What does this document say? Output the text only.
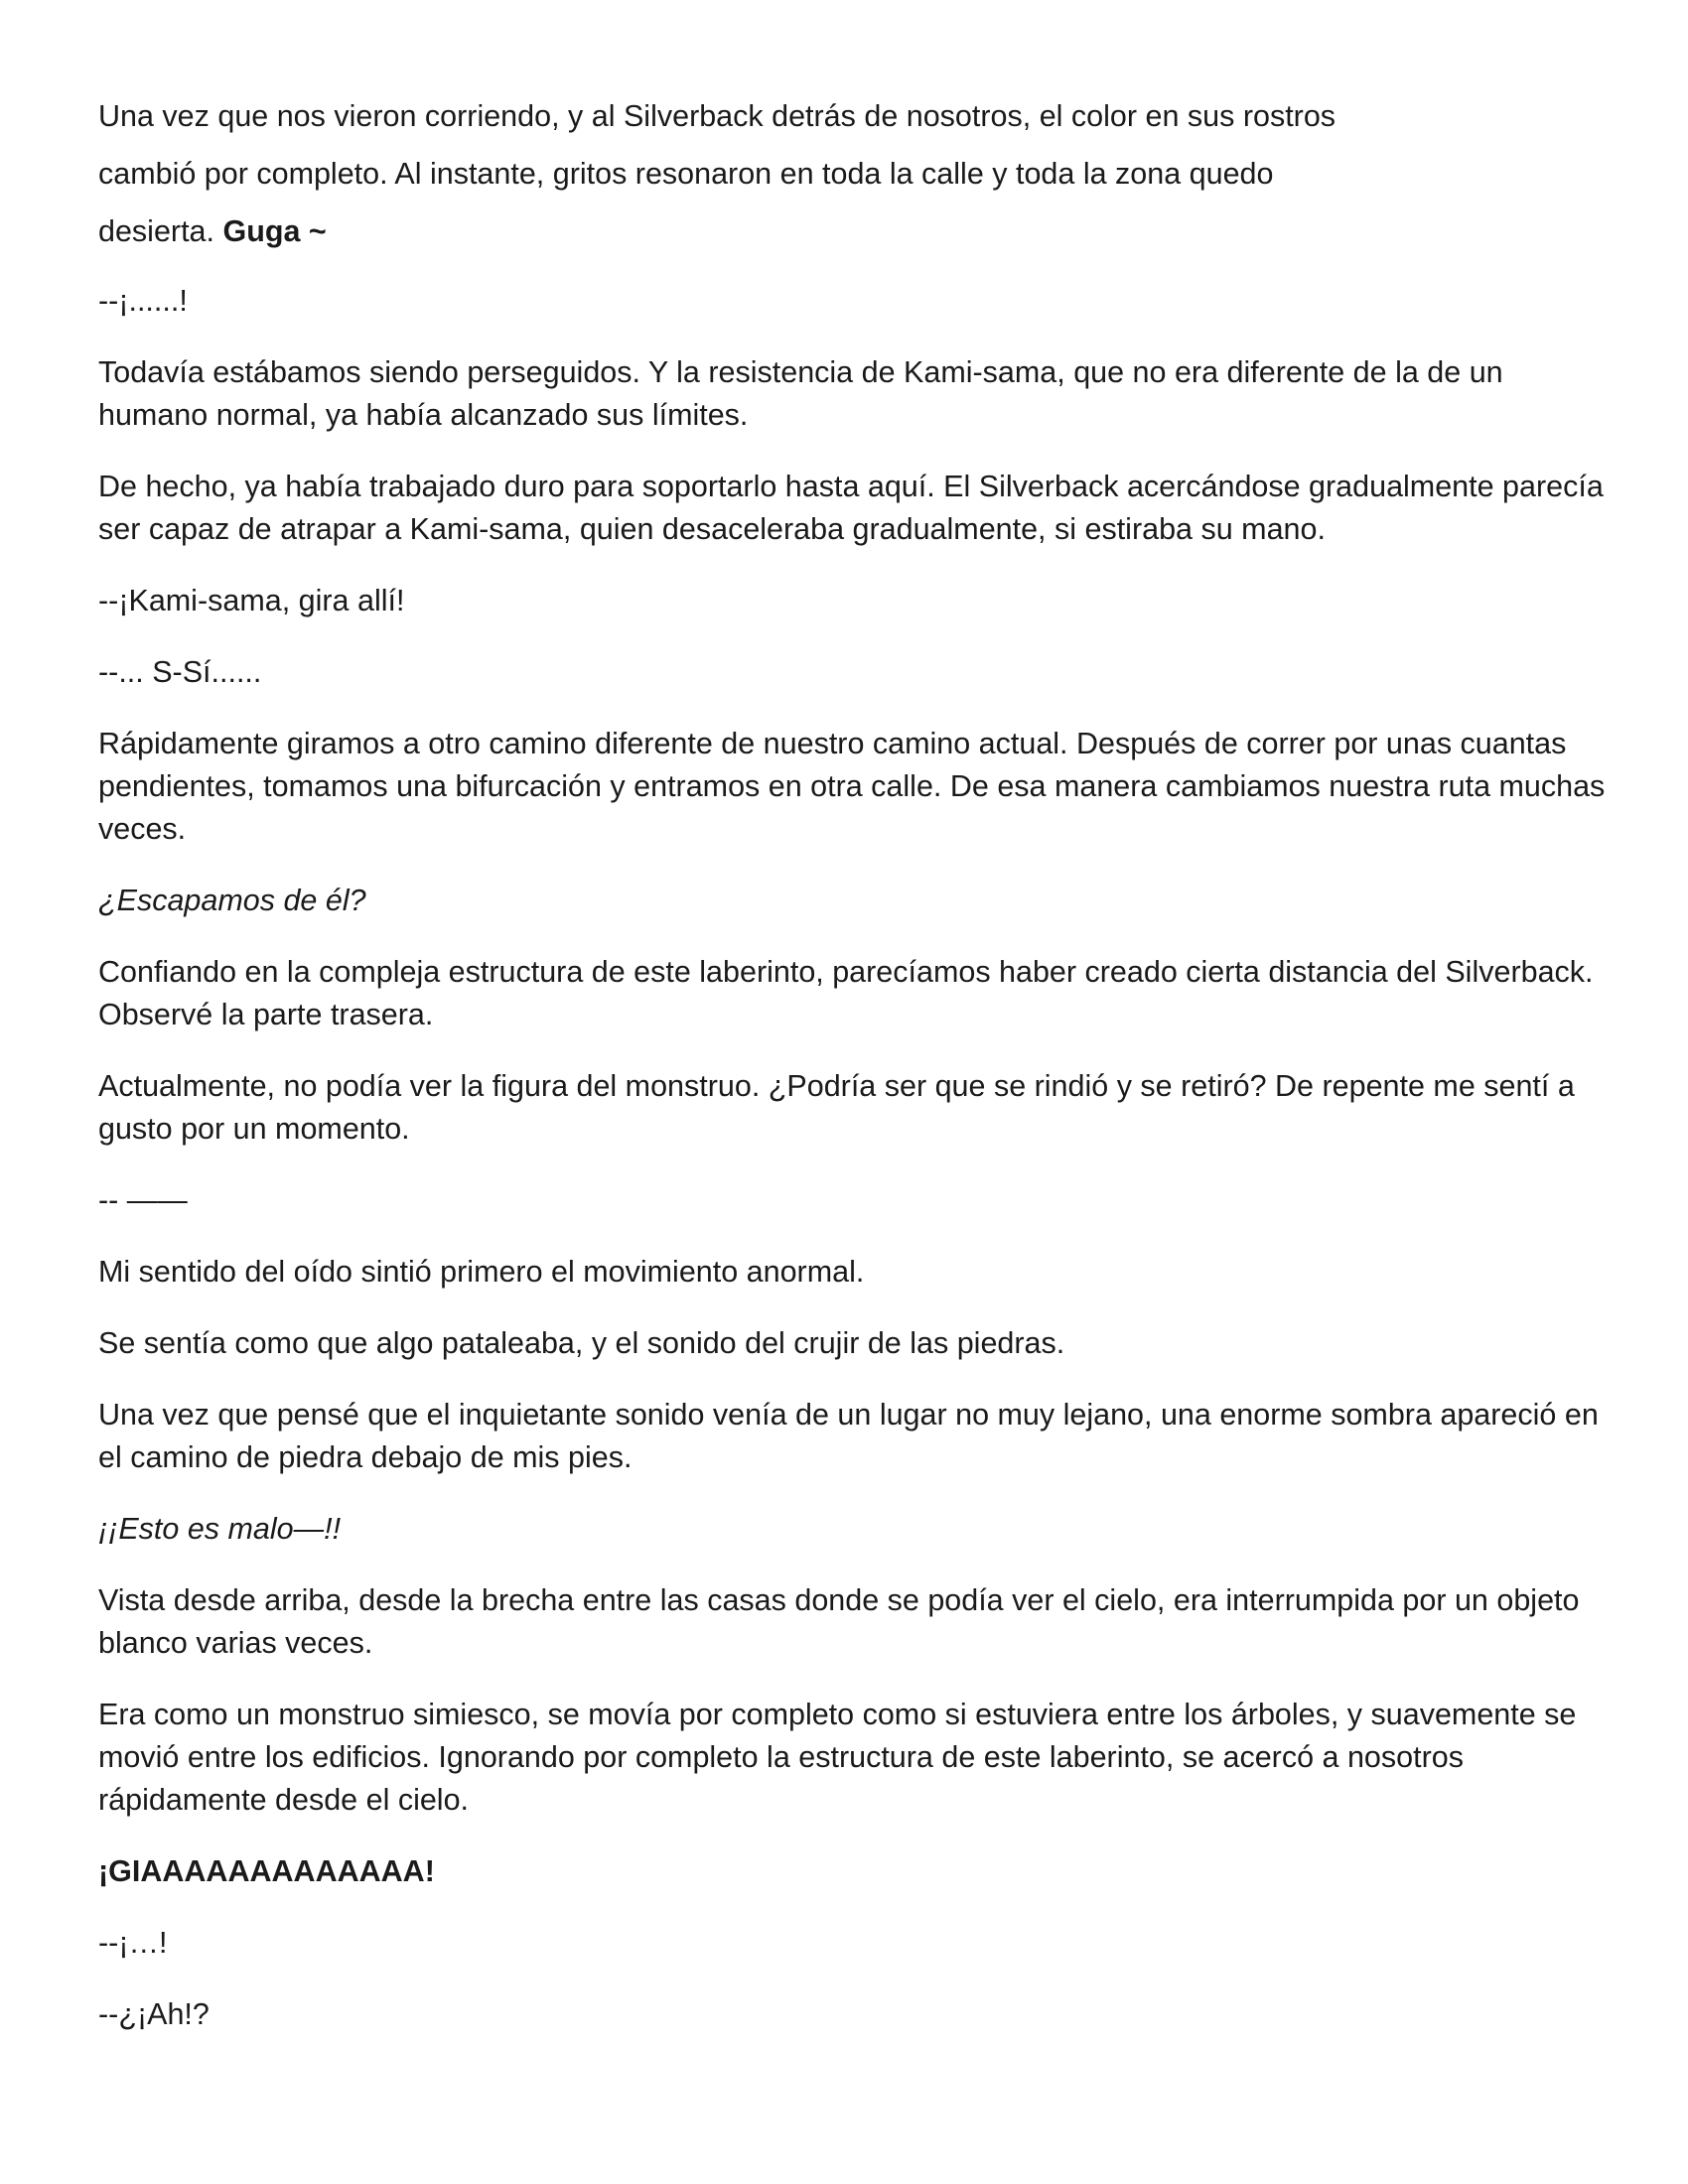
Una vez que nos vieron corriendo, y al Silverback detrás de nosotros, el color en sus rostros
cambió por completo. Al instante, gritos resonaron en toda la calle y toda la zona quedo
desierta. Guga ~

--¡......!

Todavía estábamos siendo perseguidos. Y la resistencia de Kami-sama, que no era diferente de la de un humano normal, ya había alcanzado sus límites.

De hecho, ya había trabajado duro para soportarlo hasta aquí. El Silverback acercándose gradualmente parecía ser capaz de atrapar a Kami-sama, quien desaceleraba gradualmente, si estiraba su mano.

--¡Kami-sama, gira allí!

--... S-Sí......

Rápidamente giramos a otro camino diferente de nuestro camino actual. Después de correr por unas cuantas pendientes, tomamos una bifurcación y entramos en otra calle. De esa manera cambiamos nuestra ruta muchas veces.

¿Escapamos de él?

Confiando en la compleja estructura de este laberinto, parecíamos haber creado cierta distancia del Silverback. Observé la parte trasera.

Actualmente, no podía ver la figura del monstruo. ¿Podría ser que se rindió y se retiró? De repente me sentí a gusto por un momento.

-- ——

Mi sentido del oído sintió primero el movimiento anormal.

Se sentía como que algo pataleaba, y el sonido del crujir de las piedras.

Una vez que pensé que el inquietante sonido venía de un lugar no muy lejano, una enorme sombra apareció en el camino de piedra debajo de mis pies.

¡¡Esto es malo—!!

Vista desde arriba, desde la brecha entre las casas donde se podía ver el cielo, era interrumpida por un objeto blanco varias veces.

Era como un monstruo simiesco, se movía por completo como si estuviera entre los árboles, y suavemente se movió entre los edificios. Ignorando por completo la estructura de este laberinto, se acercó a nosotros rápidamente desde el cielo.

¡GIAAAAAAAAAAAAA!

--¡…!

--¿¡Ah!?
